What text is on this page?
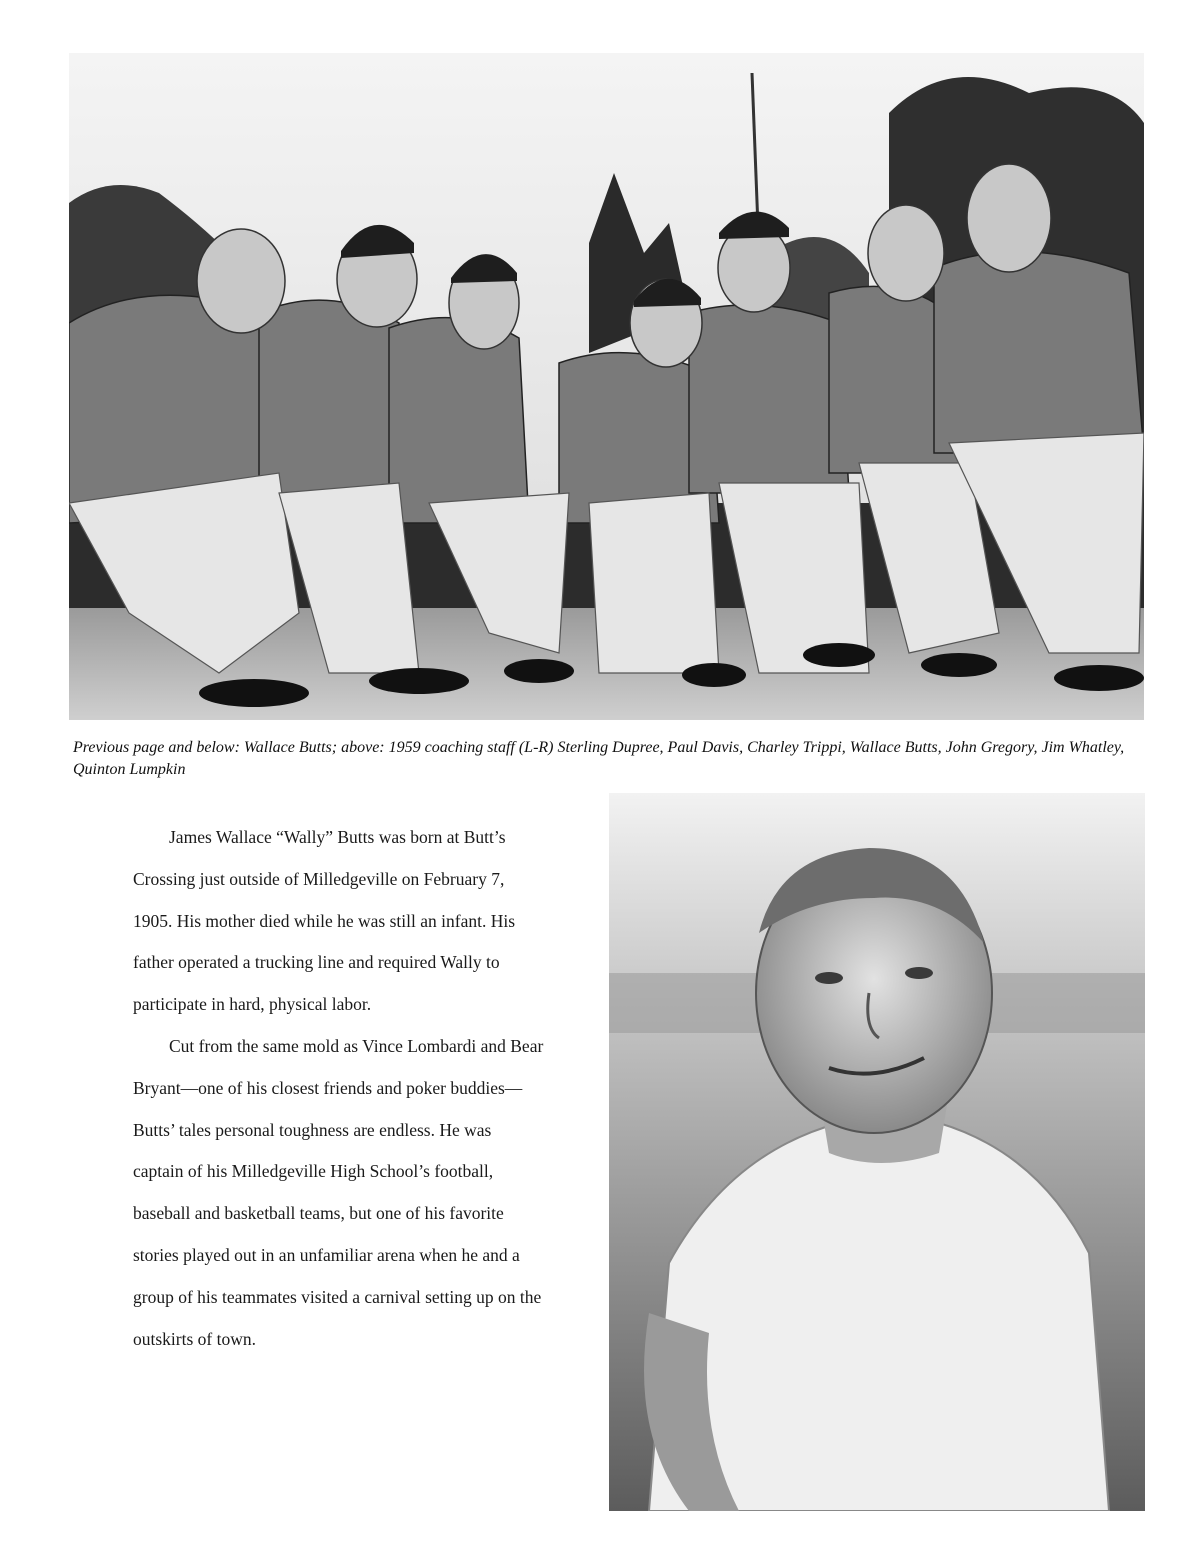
Previous page and below: Wallace Butts; above: 1959 coaching staff (L-R) Sterling Dupree, Paul Davis, Charley Trippi, Wallace Butts, John Gregory, Jim Whatley, Quinton Lumpkin

James Wallace “Wally” Butts was born at Butt’s Crossing just outside of Milledgeville on February 7, 1905. His mother died while he was still an infant. His father operated a trucking line and required Wally to participate in hard, physical labor.

Cut from the same mold as Vince Lombardi and Bear Bryant—one of his closest friends and poker buddies—Butts’ tales personal toughness are endless. He was captain of his Milledgeville High School’s football, baseball and basketball teams, but one of his favorite stories played out in an unfamiliar arena when he and a group of his teammates visited a carnival setting up on the outskirts of town.
